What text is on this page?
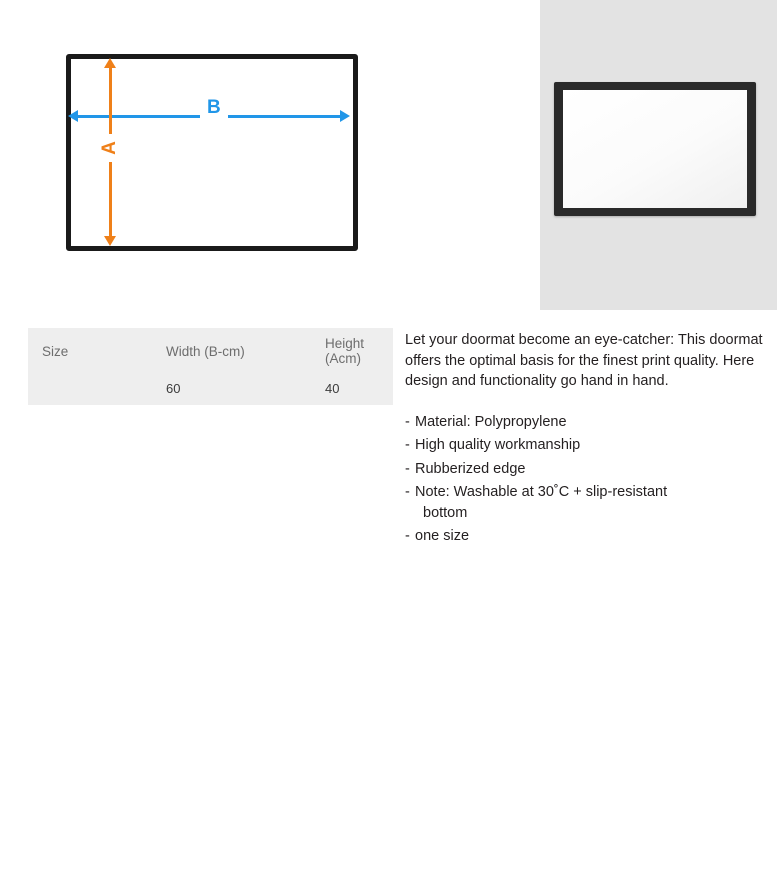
B
A
Size	Width (B-cm)	Height (Acm)
	60	40

Let your doormat become an eye-catcher: This doormat offers the optimal basis for the finest print quality. Here design and functionality go hand in hand.

- Material: Polypropylene
- High quality workmanship
- Rubberized edge
- Note: Washable at 30˚C + slip-resistant
bottom
- one size
